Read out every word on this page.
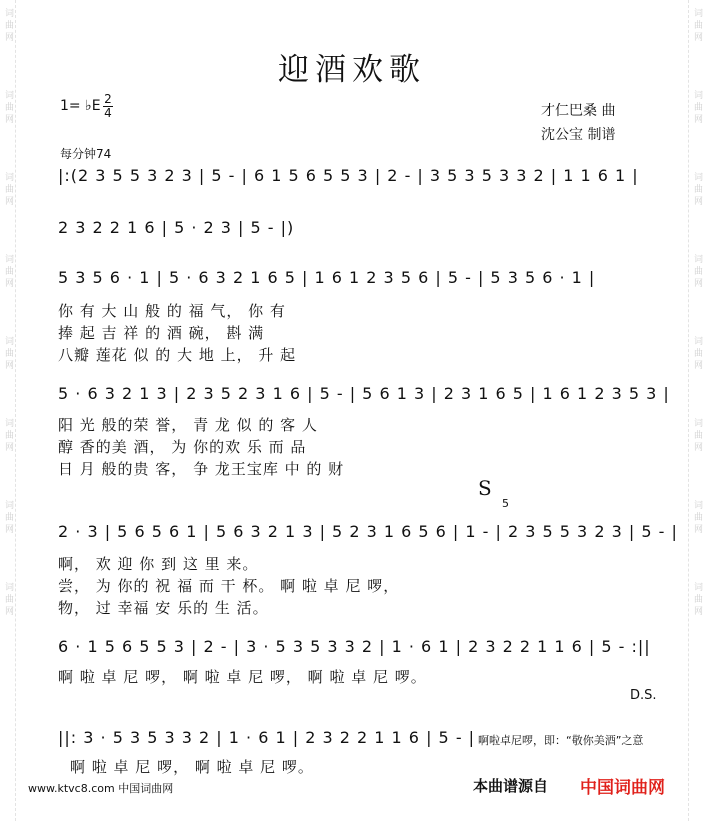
词曲网
词曲网
词曲网
词曲网
词曲网
词曲网
词曲网
词曲网
词曲网
词曲网
词曲网
词曲网
词曲网
词曲网
词曲网
词曲网
迎酒欢歌
1= ♭E 2
4	才仁巴桑 曲
沈公宝 制谱
每分钟74
|:(2 3 5 5 3 2 3 | 5 - | 6 1 5 6 5 5 3 | 2 - | 3 5 3 5 3 3 2 | 1 1 6 1 |
2 3 2 2 1 6 | 5 · 2 3 | 5 - |)
5 3 5 6 · 1 | 5 · 6 3 2 1 6 5 | 1 6 1 2 3 5 6 | 5 - | 5 3 5 6 · 1 |
你 有 大 山 般 的 福 气， 你 有
捧 起 吉 祥 的 酒 碗， 斟 满
八瓣 莲花 似 的 大 地 上， 升 起
5 · 6 3 2 1 3 | 2 3 5 2 3 1 6 | 5 - | 5 6 1 3 | 2 3 1 6 5 | 1 6 1 2 3 5 3 |
阳 光 般的荣 誉， 青 龙 似 的 客 人
醇 香的美 酒， 为 你的欢 乐 而 品
日 月 般的贵 客， 争 龙王宝库 中 的 财
S
5
2 · 3 | 5 6 5 6 1 | 5 6 3 2 1 3 | 5 2 3 1 6 5 6 | 1 - | 2 3 5 5 3 2 3 | 5 - |
啊， 欢 迎 你 到 这 里 来。
尝， 为 你的 祝 福 而 干 杯。 啊 啦 卓 尼 啰，
物， 过 幸福 安 乐的 生 活。
6 · 1 5 6 5 5 3 | 2 - | 3 · 5 3 5 3 3 2 | 1 · 6 1 | 2 3 2 2 1 1 6 | 5 - :||
啊 啦 卓 尼 啰， 啊 啦 卓 尼 啰， 啊 啦 卓 尼 啰。
D.S.
||: 3 · 5 3 5 3 3 2 | 1 · 6 1 | 2 3 2 2 1 1 6 | 5 - |
啊 啦 卓 尼 啰， 啊 啦 卓 尼 啰。
啊啦卓尼啰，即：“敬你美酒”之意
www.ktvc8.com 中国词曲网	本曲谱源自 中国词曲网
